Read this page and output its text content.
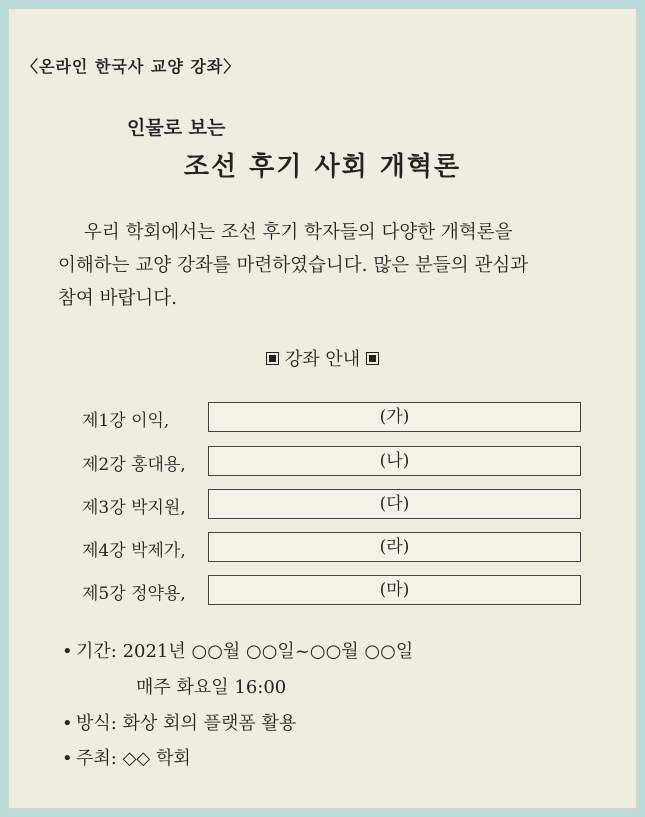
〈온라인 한국사 교양 강좌〉
인물로 보는
조선 후기 사회 개혁론
우리 학회에서는 조선 후기 학자들의 다양한 개혁론을
이해하는 교양 강좌를 마련하였습니다. 많은 분들의 관심과
참여 바랍니다.
강좌 안내
제1강 이익,	(가)
제2강 홍대용,	(나)
제3강 박지원,	(다)
제4강 박제가,	(라)
제5강 정약용,	(마)
• 기간: 2021년 ○○월 ○○일~○○월 ○○일
매주 화요일 16:00
• 방식: 화상 회의 플랫폼 활용
• 주최: ◇◇ 학회
